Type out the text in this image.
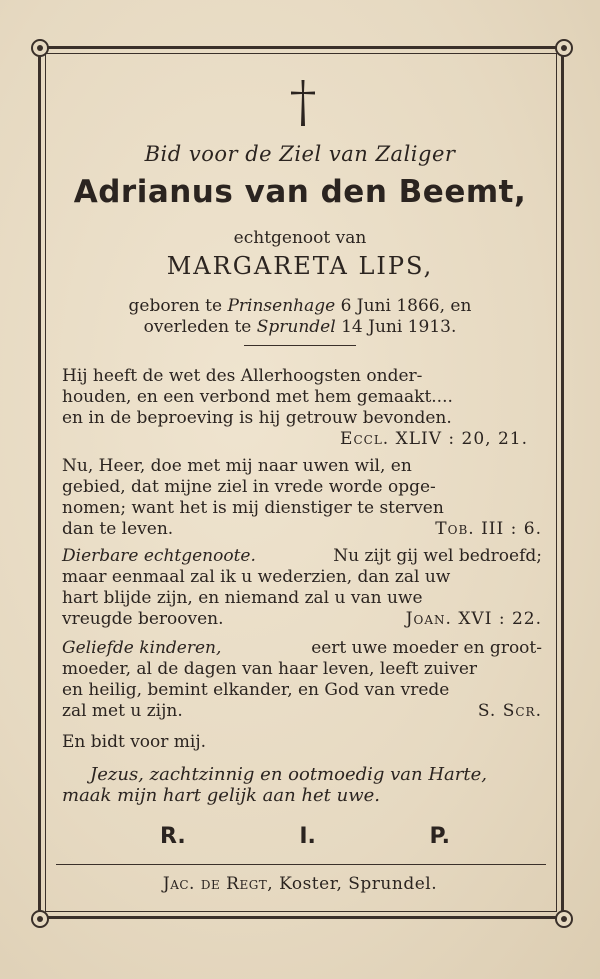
Bid voor de Ziel van Zaliger
Adrianus van den Beemt,
echtgenoot van
MARGARETA LIPS,
geboren te Prinsenhage 6 Juni 1866, en
overleden te Sprundel 14 Juni 1913.
Hij heeft de wet des Allerhoogsten onder-
houden, en een verbond met hem gemaakt....
en in de beproeving is hij getrouw bevonden.
Eccl. XLIV : 20, 21.
Nu, Heer, doe met mij naar uwen wil, en
gebied, dat mijne ziel in vrede worde opge-
nomen; want het is mij dienstiger te sterven
dan te leven.	Tob. III : 6.
Dierbare echtgenoote.	Nu zijt gij wel bedroefd;
maar eenmaal zal ik u wederzien, dan zal uw
hart blijde zijn, en niemand zal u van uwe
vreugde berooven.	Joan. XVI : 22.
Geliefde kinderen,	eert uwe moeder en groot-
moeder, al de dagen van haar leven, leeft zuiver
en heilig, bemint elkander, en God van vrede
zal met u zijn.	S. Scr.
En bidt voor mij.
Jezus, zachtzinnig en ootmoedig van Harte,
maak mijn hart gelijk aan het uwe.
R.	I.	P.
Jac. de Regt, Koster, Sprundel.
